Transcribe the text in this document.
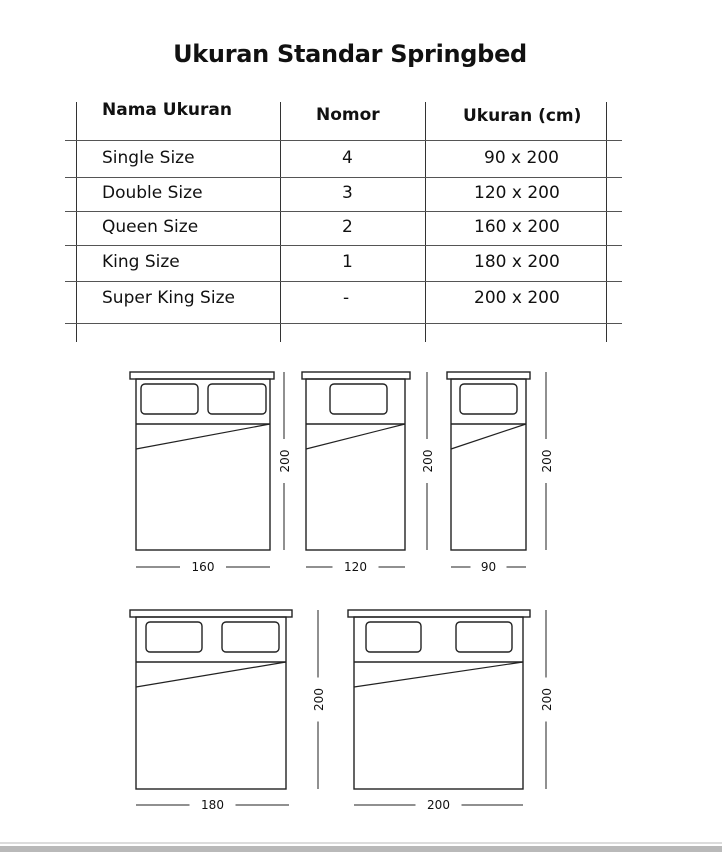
Ukuran Standar Springbed
Nama Ukuran	Nomor	Ukuran (cm)
Single Size	4	90 x 200
Double Size	3	120 x 200
Queen Size	2	160 x 200
King Size	1	180 x 200
Super King Size	-	200 x 200
200
160
200
120
200
90
200
180
200
200
